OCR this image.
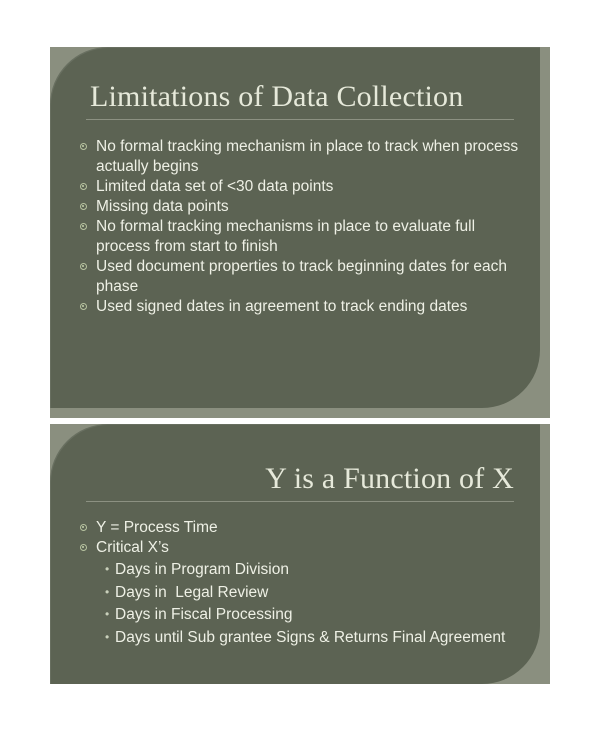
Limitations of Data Collection
No formal tracking mechanism in place to track when process actually begins
Limited data set of <30 data points
Missing data points
No formal tracking mechanisms in place to evaluate full process from start to finish
Used document properties to track beginning dates for each phase
Used signed dates in agreement to track ending dates
Y is a Function of X
Y = Process Time
Critical X’s
• Days in Program Division
• Days in  Legal Review
• Days in Fiscal Processing
• Days until Sub grantee Signs & Returns Final Agreement
